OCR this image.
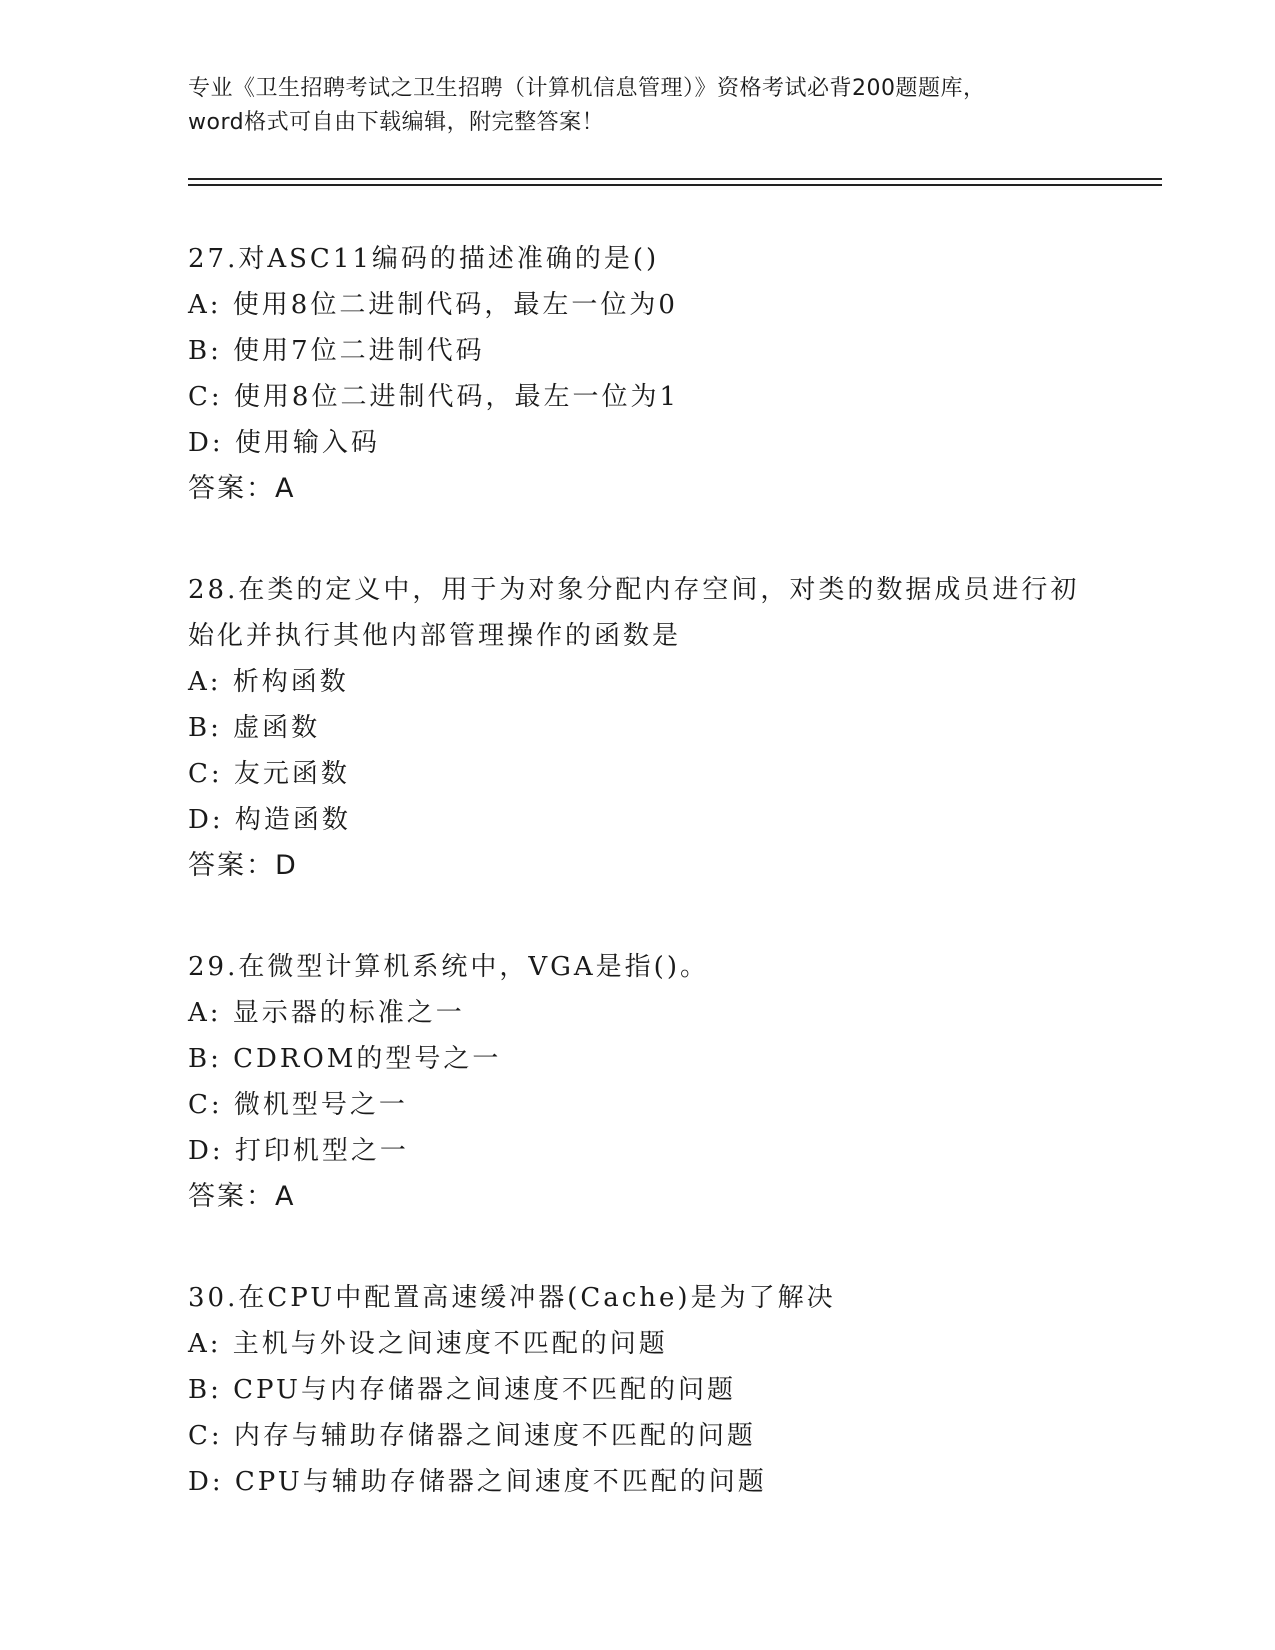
专业《卫生招聘考试之卫生招聘（计算机信息管理）》资格考试必背200题题库，
word格式可自由下载编辑，附完整答案！
27.对ASC11编码的描述准确的是()
A: 使用8位二进制代码，最左一位为0
B: 使用7位二进制代码
C: 使用8位二进制代码，最左一位为1
D: 使用输入码
答案：A
28.在类的定义中，用于为对象分配内存空间，对类的数据成员进行初
始化并执行其他内部管理操作的函数是
A: 析构函数
B: 虚函数
C: 友元函数
D: 构造函数
答案：D
29.在微型计算机系统中，VGA是指()。
A: 显示器的标准之一
B: CDROM的型号之一
C: 微机型号之一
D: 打印机型之一
答案：A
30.在CPU中配置高速缓冲器(Cache)是为了解决
A: 主机与外设之间速度不匹配的问题
B: CPU与内存储器之间速度不匹配的问题
C: 内存与辅助存储器之间速度不匹配的问题
D: CPU与辅助存储器之间速度不匹配的问题
